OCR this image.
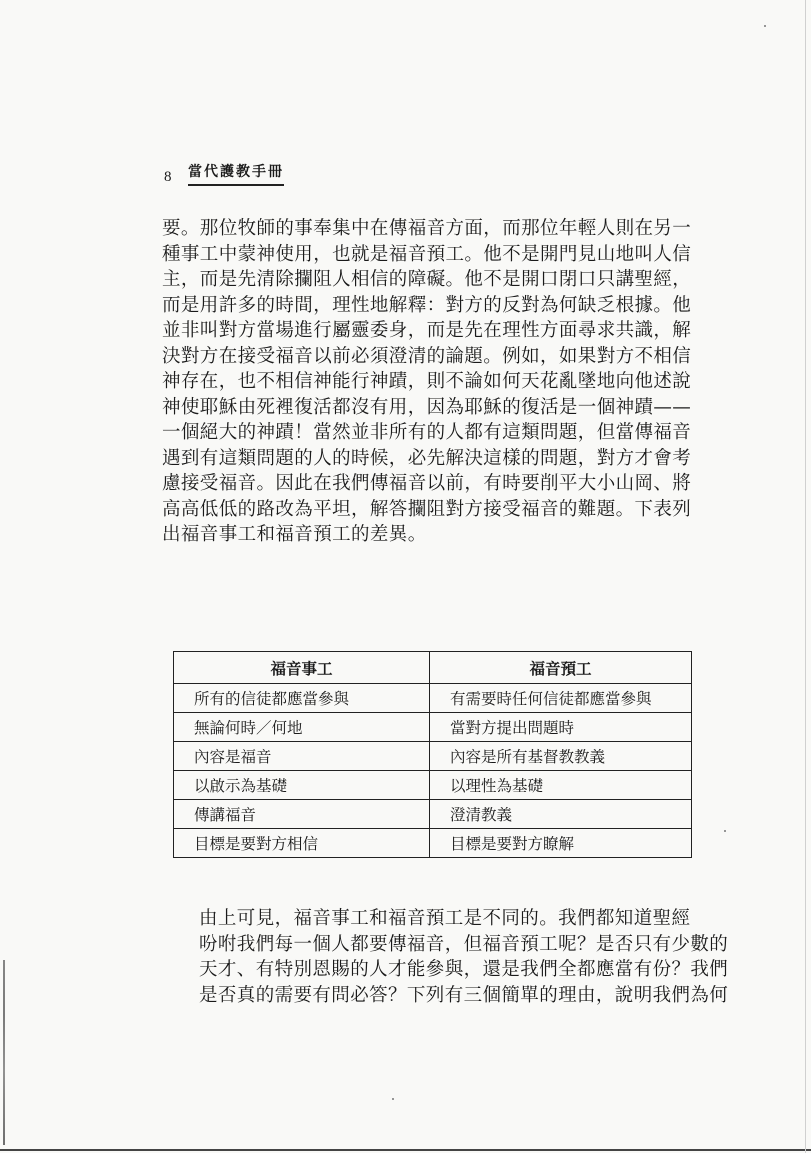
8	當代護教手冊

要。那位牧師的事奉集中在傳福音方面，而那位年輕人則在另一
種事工中蒙神使用，也就是福音預工。他不是開門見山地叫人信
主，而是先清除攔阻人相信的障礙。他不是開口閉口只講聖經，
而是用許多的時間，理性地解釋：對方的反對為何缺乏根據。他
並非叫對方當場進行屬靈委身，而是先在理性方面尋求共識，解
決對方在接受福音以前必須澄清的論題。例如，如果對方不相信
神存在，也不相信神能行神蹟，則不論如何天花亂墜地向他述說
神使耶穌由死裡復活都沒有用，因為耶穌的復活是一個神蹟——
一個絕大的神蹟！當然並非所有的人都有這類問題，但當傳福音
遇到有這類問題的人的時候，必先解決這樣的問題，對方才會考
慮接受福音。因此在我們傳福音以前，有時要削平大小山岡、將
高高低低的路改為平坦，解答攔阻對方接受福音的難題。下表列
出福音事工和福音預工的差異。

福音事工	福音預工
所有的信徒都應當參與	有需要時任何信徒都應當參與
無論何時／何地	當對方提出問題時
內容是福音	內容是所有基督教教義
以啟示為基礎	以理性為基礎
傳講福音	澄清教義
目標是要對方相信	目標是要對方瞭解

由上可見，福音事工和福音預工是不同的。我們都知道聖經
吩咐我們每一個人都要傳福音，但福音預工呢？是否只有少數的
天才、有特別恩賜的人才能參與，還是我們全都應當有份？我們
是否真的需要有問必答？下列有三個簡單的理由，說明我們為何
